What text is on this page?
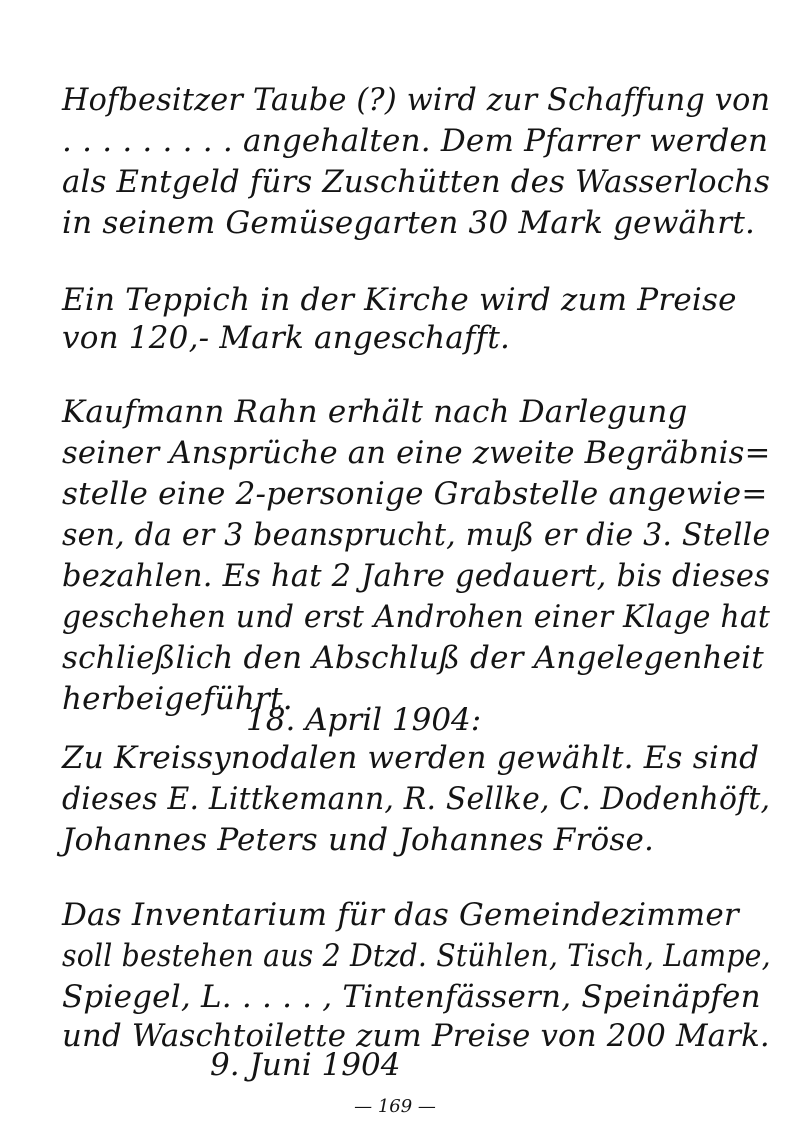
Hofbesitzer Taube (?) wird zur Schaffung von
. . . . . . . . . angehalten. Dem Pfarrer werden
als Entgeld fürs Zuschütten des Wasserlochs
in seinem Gemüsegarten 30 Mark gewährt.
Ein Teppich in der Kirche wird zum Preise
von 120,- Mark angeschafft.
Kaufmann Rahn erhält nach Darlegung
seiner Ansprüche an eine zweite Begräbnis=
stelle eine 2-personige Grabstelle angewie=
sen, da er 3 beansprucht, muß er die 3. Stelle
bezahlen. Es hat 2 Jahre gedauert, bis dieses
geschehen und erst Androhen einer Klage hat
schließlich den Abschluß der Angelegenheit
herbeigeführt.
18. April 1904:
Zu Kreissynodalen werden gewählt. Es sind
dieses E. Littkemann, R. Sellke, C. Dodenhöft,
Johannes Peters und Johannes Fröse.
Das Inventarium für das Gemeindezimmer
soll bestehen aus 2 Dtzd. Stühlen, Tisch, Lampe,
Spiegel, L. . . . . , Tintenfässern, Speinäpfen
und Waschtoilette zum Preise von 200 Mark.
9. Juni 1904
— 169 —
